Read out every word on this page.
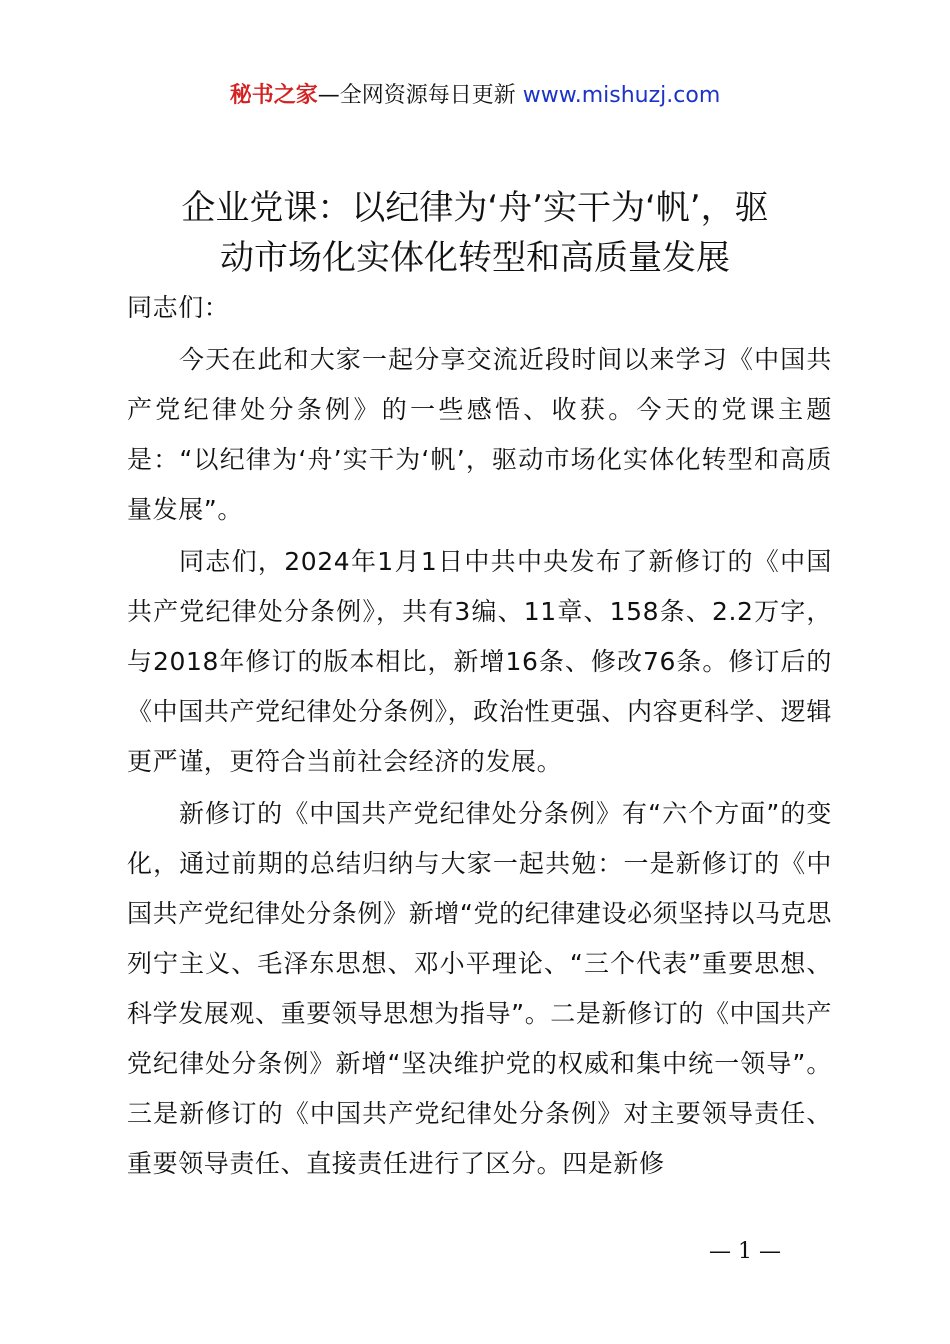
秘书之家—全网资源每日更新 www.mishuzj.com
企业党课：以纪律为‘舟’实干为‘帆’，驱
动市场化实体化转型和高质量发展
同志们：
今天在此和大家一起分享交流近段时间以来学习《中国共产党纪律处分条例》的一些感悟、收获。今天的党课主题是：“以纪律为‘舟’实干为‘帆’，驱动市场化实体化转型和高质量发展”。
同志们，2024年1月1日中共中央发布了新修订的《中国共产党纪律处分条例》，共有3编、11章、158条、2.2万字，与2018年修订的版本相比，新增16条、修改76条。修订后的《中国共产党纪律处分条例》，政治性更强、内容更科学、逻辑更严谨，更符合当前社会经济的发展。
新修订的《中国共产党纪律处分条例》有“六个方面”的变化，通过前期的总结归纳与大家一起共勉：一是新修订的《中国共产党纪律处分条例》新增“党的纪律建设必须坚持以马克思列宁主义、毛泽东思想、邓小平理论、“三个代表”重要思想、科学发展观、重要领导思想为指导”。二是新修订的《中国共产党纪律处分条例》新增“坚决维护党的权威和集中统一领导”。三是新修订的《中国共产党纪律处分条例》对主要领导责任、重要领导责任、直接责任进行了区分。四是新修
— 1 —
